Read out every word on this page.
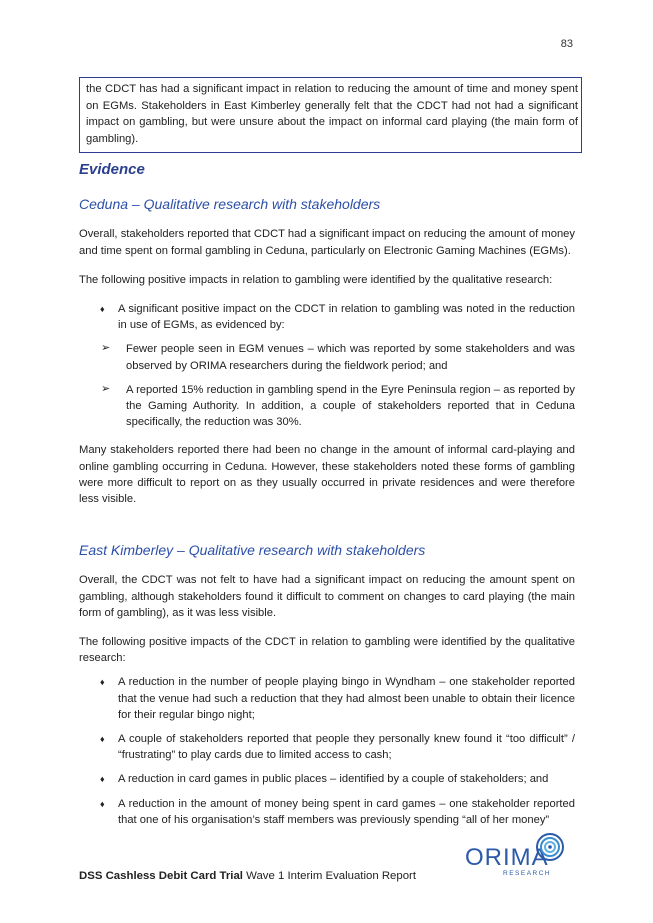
83
the CDCT has had a significant impact in relation to reducing the amount of time and money spent on EGMs. Stakeholders in East Kimberley generally felt that the CDCT had not had a significant impact on gambling, but were unsure about the impact on informal card playing (the main form of gambling).
Evidence
Ceduna – Qualitative research with stakeholders

Overall, stakeholders reported that CDCT had a significant impact on reducing the amount of money and time spent on formal gambling in Ceduna, particularly on Electronic Gaming Machines (EGMs).

The following positive impacts in relation to gambling were identified by the qualitative research:

♦ A significant positive impact on the CDCT in relation to gambling was noted in the reduction in use of EGMs, as evidenced by:
➢ Fewer people seen in EGM venues – which was reported by some stakeholders and was observed by ORIMA researchers during the fieldwork period; and
➢ A reported 15% reduction in gambling spend in the Eyre Peninsula region – as reported by the Gaming Authority. In addition, a couple of stakeholders reported that in Ceduna specifically, the reduction was 30%.

Many stakeholders reported there had been no change in the amount of informal card-playing and online gambling occurring in Ceduna. However, these stakeholders noted these forms of gambling were more difficult to report on as they usually occurred in private residences and were therefore less visible.

East Kimberley – Qualitative research with stakeholders

Overall, the CDCT was not felt to have had a significant impact on reducing the amount spent on gambling, although stakeholders found it difficult to comment on changes to card playing (the main form of gambling), as it was less visible.

The following positive impacts of the CDCT in relation to gambling were identified by the qualitative research:

♦ A reduction in the number of people playing bingo in Wyndham – one stakeholder reported that the venue had such a reduction that they had almost been unable to obtain their licence for their regular bingo night;
♦ A couple of stakeholders reported that people they personally knew found it “too difficult” / “frustrating” to play cards due to limited access to cash;
♦ A reduction in card games in public places – identified by a couple of stakeholders; and
♦ A reduction in the amount of money being spent in card games – one stakeholder reported that one of his organisation’s staff members was previously spending “all of her money”
ORIMA
RESEARCH
DSS Cashless Debit Card Trial Wave 1 Interim Evaluation Report
